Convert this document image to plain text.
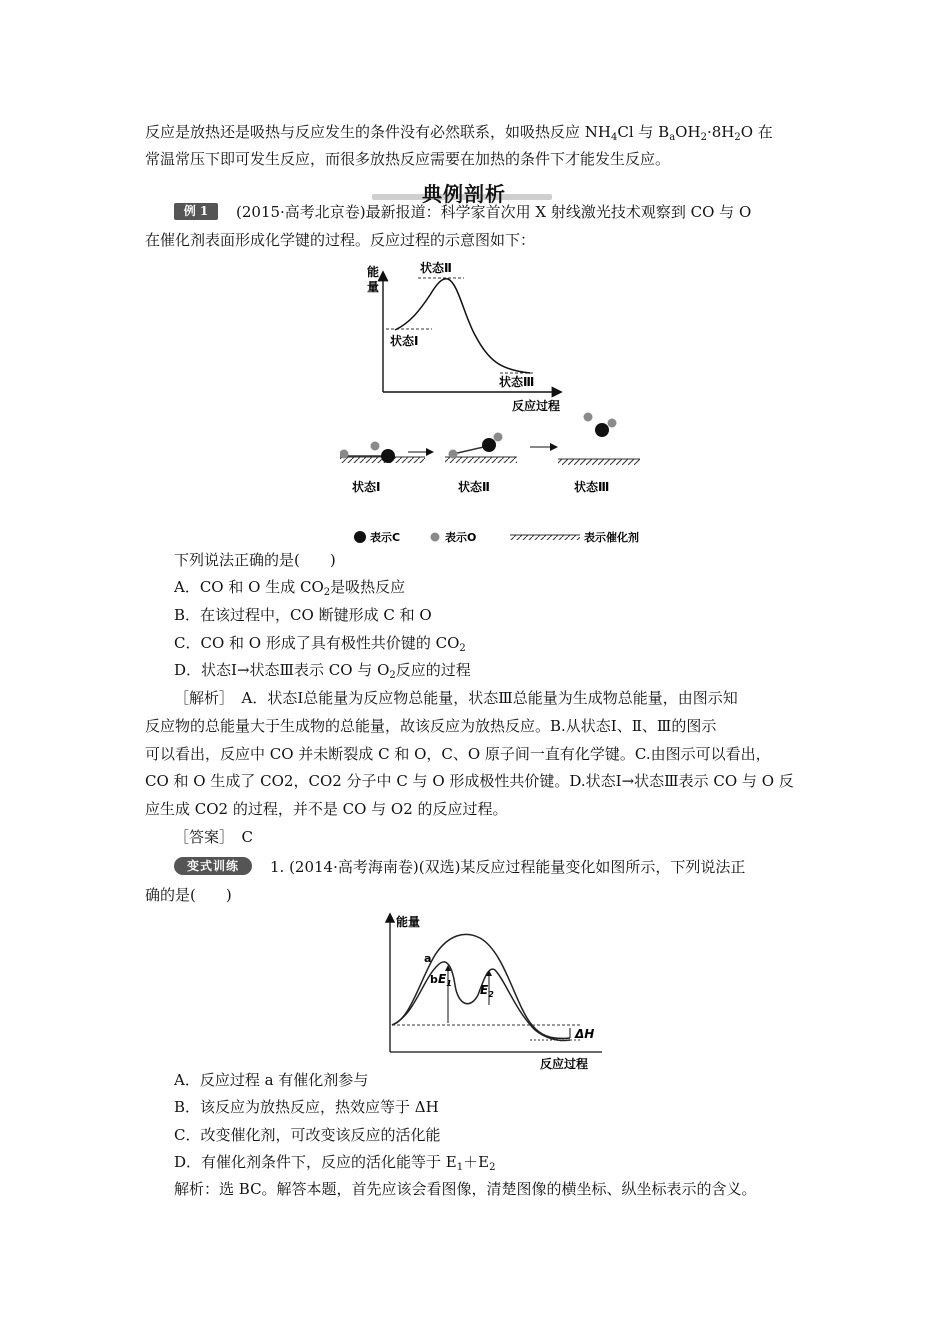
反应是放热还是吸热与反应发生的条件没有必然联系，如吸热反应 $NH_4Cl$ 与 $B_aOH_2\cdot 8H_2O$ 在
常温常压下即可发生反应，而很多放热反应需要在加热的条件下才能发生反应。
典例剖析
例 1	(2015·高考北京卷)最新报道：科学家首次用 X 射线激光技术观察到 CO 与 O
在催化剂表面形成化学键的过程。反应过程的示意图如下：
能
量
反应过程
状态Ⅱ
状态Ⅰ
状态Ⅲ
状态Ⅰ	状态Ⅱ	状态Ⅲ
表示C	表示O	表示催化剂
下列说法正确的是(　　)
A．CO 和 O 生成 $CO_2$是吸热反应
B．在该过程中，CO 断键形成 C 和 O
C．CO 和 O 形成了具有极性共价键的 $CO_2$
D．状态Ⅰ→状态Ⅲ表示 CO 与 $O_2$反应的过程
［解析］　A．状态Ⅰ总能量为反应物总能量，状态Ⅲ总能量为生成物总能量，由图示知
反应物的总能量大于生成物的总能量，故该反应为放热反应。B.从状态Ⅰ、Ⅱ、Ⅲ的图示
可以看出，反应中 CO 并未断裂成 C 和 O，C、O 原子间一直有化学键。C.由图示可以看出，
CO 和 O 生成了 CO2，CO2 分子中 C 与 O 形成极性共价键。D.状态Ⅰ→状态Ⅲ表示 CO 与 O 反
应生成 CO2 的过程，并不是 CO 与 O2 的反应过程。
［答案］　C
变式训练	1. (2014·高考海南卷)(双选)某反应过程能量变化如图所示，下列说法正
确的是(　　)
能量
反应过程
a
b $E_1$ $E_2$
ΔH
A．反应过程 a 有催化剂参与
B．该反应为放热反应，热效应等于 ΔH
C．改变催化剂，可改变该反应的活化能
D．有催化剂条件下，反应的活化能等于 $E_1+E_2$
解析：选 BC。解答本题，首先应该会看图像，清楚图像的横坐标、纵坐标表示的含义。
